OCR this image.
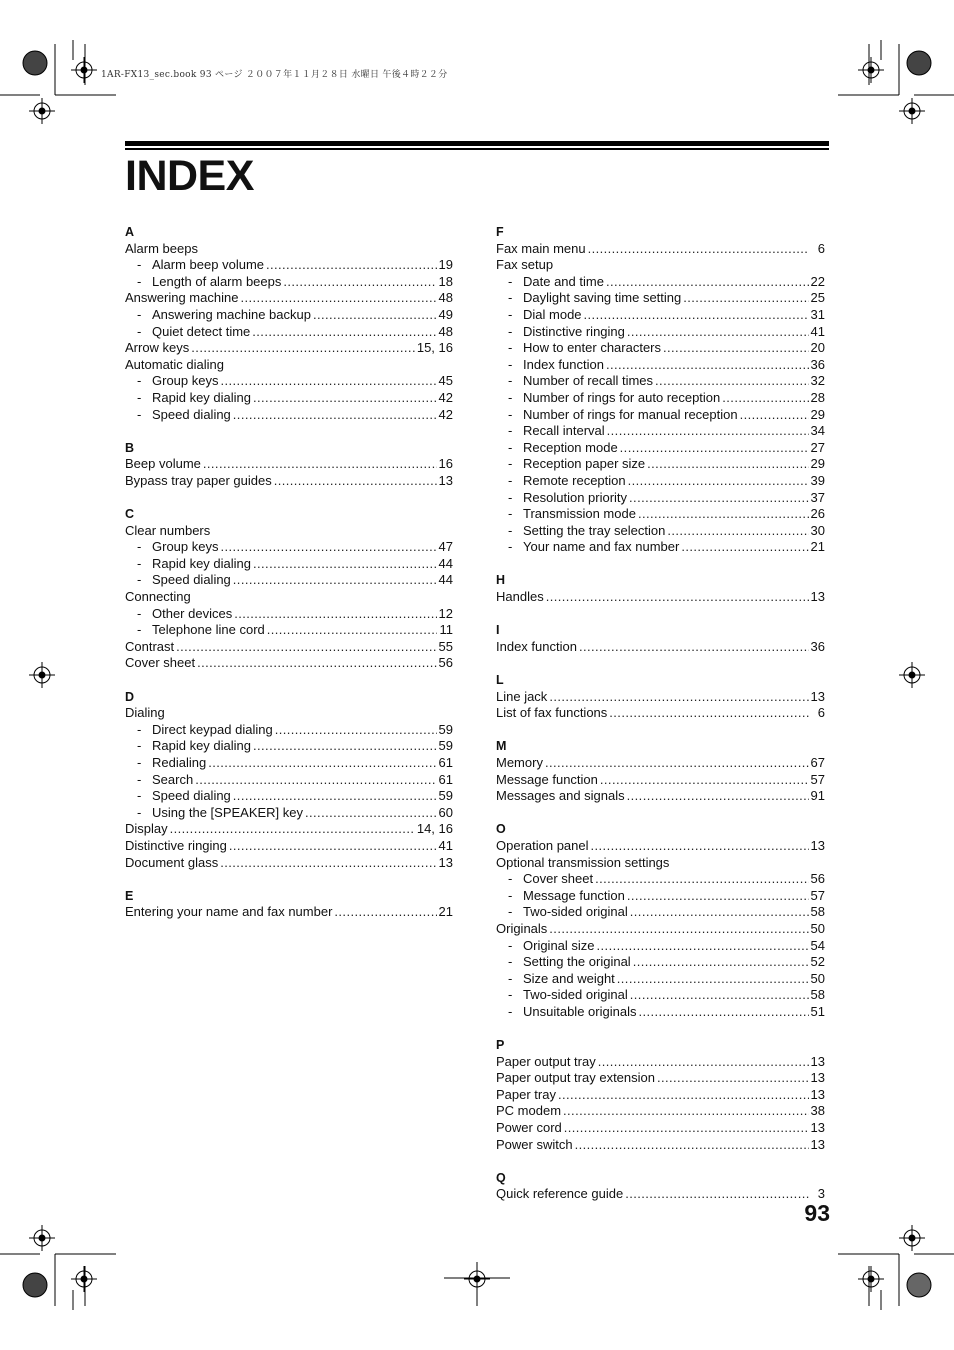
1AR-FX13_sec.book 93 ページ ２００７年１１月２８日 水曜日 午後４時２２分
INDEX
A
Alarm beeps
- Alarm beep volume .....	19
- Length of alarm beeps .....	18
Answering machine .....	48
- Answering machine backup .....	49
- Quiet detect time .....	48
Arrow keys .....	15, 16
Automatic dialing
- Group keys .....	45
- Rapid key dialing .....	42
- Speed dialing .....	42
B
Beep volume .....	16
Bypass tray paper guides .....	13
C
Clear numbers
- Group keys .....	47
- Rapid key dialing .....	44
- Speed dialing .....	44
Connecting
- Other devices .....	12
- Telephone line cord .....	11
Contrast .....	55
Cover sheet .....	56
D
Dialing
- Direct keypad dialing .....	59
- Rapid key dialing .....	59
- Redialing .....	61
- Search .....	61
- Speed dialing .....	59
- Using the [SPEAKER] key .....	60
Display .....	14, 16
Distinctive ringing .....	41
Document glass .....	13
E
Entering your name and fax number .....	21
F
Fax main menu .....	6
Fax setup
- Date and time .....	22
- Daylight saving time setting .....	25
- Dial mode .....	31
- Distinctive ringing .....	41
- How to enter characters .....	20
- Index function .....	36
- Number of recall times .....	32
- Number of rings for auto reception .....	28
- Number of rings for manual reception .....	29
- Recall interval .....	34
- Reception mode .....	27
- Reception paper size .....	29
- Remote reception .....	39
- Resolution priority .....	37
- Transmission mode .....	26
- Setting the tray selection .....	30
- Your name and fax number .....	21
H
Handles .....	13
I
Index function .....	36
L
Line jack .....	13
List of fax functions .....	6
M
Memory .....	67
Message function .....	57
Messages and signals .....	91
O
Operation panel .....	13
Optional transmission settings
- Cover sheet .....	56
- Message function .....	57
- Two-sided original .....	58
Originals .....	50
- Original size .....	54
- Setting the original .....	52
- Size and weight .....	50
- Two-sided original .....	58
- Unsuitable originals .....	51
P
Paper output tray .....	13
Paper output tray extension .....	13
Paper tray .....	13
PC modem .....	38
Power cord .....	13
Power switch .....	13
Q
Quick reference guide .....	3
93
